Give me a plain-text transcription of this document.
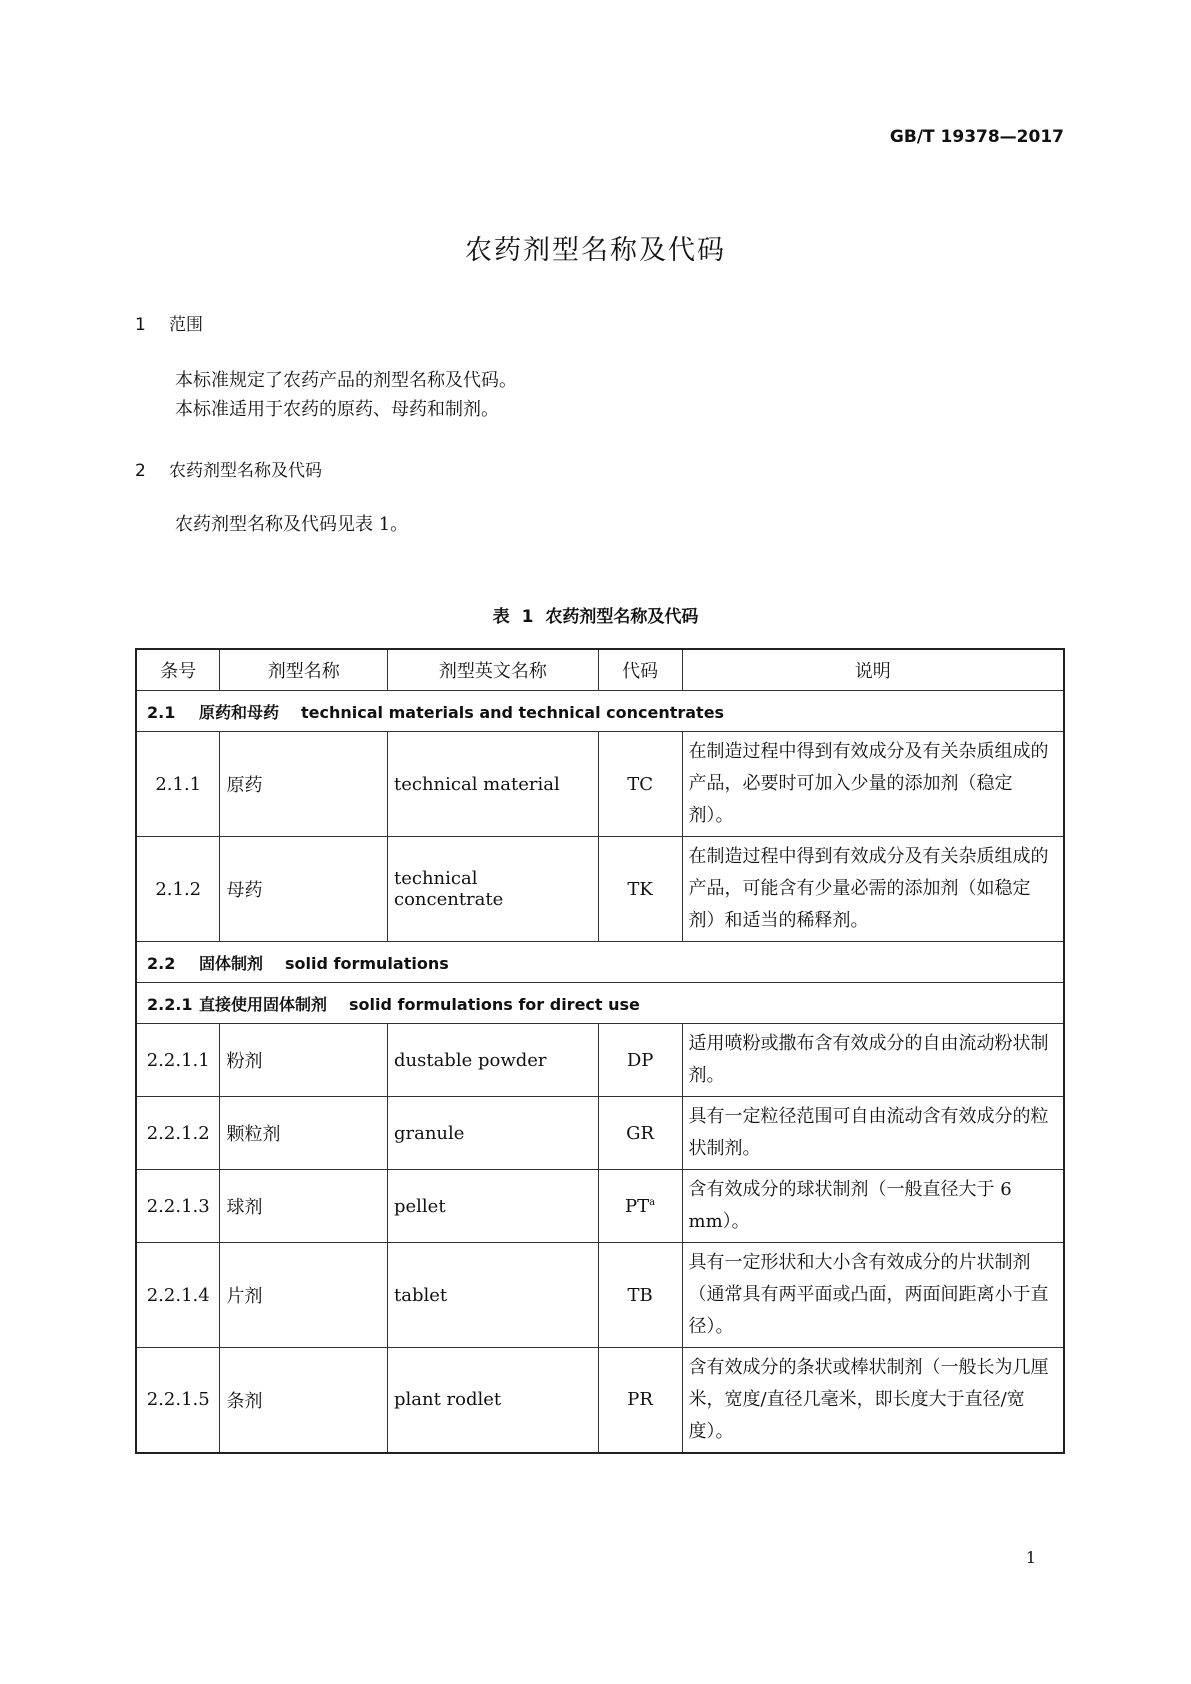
GB/T 19378—2017
农药剂型名称及代码
1 范围
本标准规定了农药产品的剂型名称及代码。
本标准适用于农药的原药、母药和制剂。
2 农药剂型名称及代码
农药剂型名称及代码见表 1。
表 1 农药剂型名称及代码
条号	剂型名称	剂型英文名称	代码	说明
2.1 原药和母药 technical materials and technical concentrates				
2.1.1	原药	technical material	TC	在制造过程中得到有效成分及有关杂质组成的产品，必要时可加入少量的添加剂（稳定剂）。
2.1.2	母药	technical concentrate	TK	在制造过程中得到有效成分及有关杂质组成的产品，可能含有少量必需的添加剂（如稳定剂）和适当的稀释剂。
2.2 固体制剂 solid formulations				
2.2.1 直接使用固体制剂 solid formulations for direct use				
2.2.1.1	粉剂	dustable powder	DP	适用喷粉或撒布含有效成分的自由流动粉状制剂。
2.2.1.2	颗粒剂	granule	GR	具有一定粒径范围可自由流动含有效成分的粒状制剂。
2.2.1.3	球剂	pellet	PT$^a$	含有效成分的球状制剂（一般直径大于 6 mm）。
2.2.1.4	片剂	tablet	TB	具有一定形状和大小含有效成分的片状制剂（通常具有两平面或凸面，两面间距离小于直径）。
2.2.1.5	条剂	plant rodlet	PR	含有效成分的条状或棒状制剂（一般长为几厘米，宽度/直径几毫米，即长度大于直径/宽度）。
1
